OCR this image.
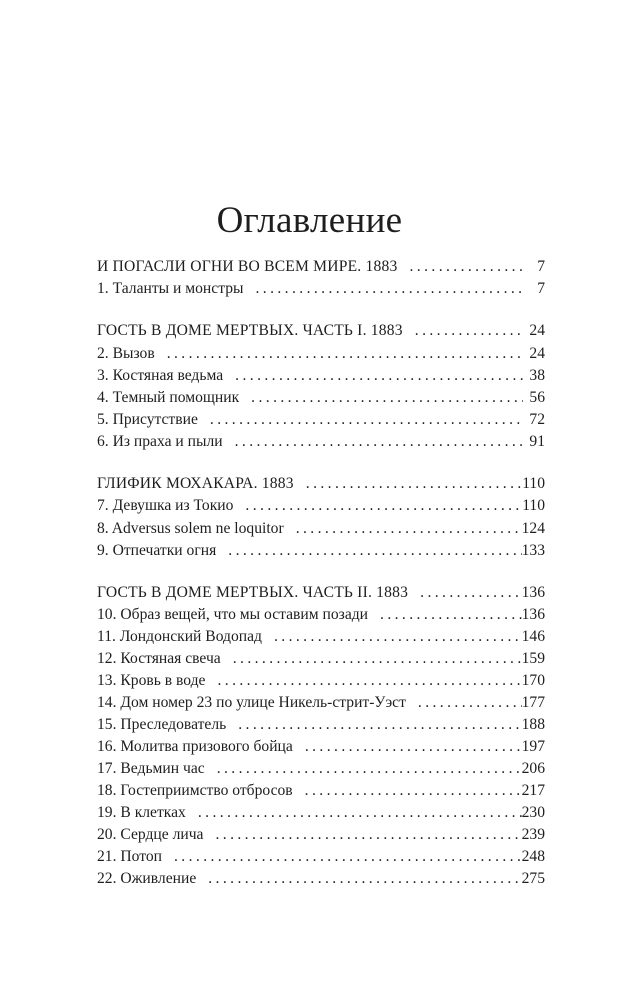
Оглавление
И ПОГАСЛИ ОГНИ ВО ВСЕМ МИРЕ. 1883 . . .	7
1. Таланты и монстры . . .	7
ГОСТЬ В ДОМЕ МЕРТВЫХ. ЧАСТЬ I. 1883 . . .	24
2. Вызов . . .	24
3. Костяная ведьма . . .	38
4. Темный помощник . . .	56
5. Присутствие . . .	72
6. Из праха и пыли . . .	91
ГЛИФИК МОХАКАРА. 1883 . . .	110
7. Девушка из Токио . . .	110
8. Adversus solem ne loquitor . . .	124
9. Отпечатки огня . . .	133
ГОСТЬ В ДОМЕ МЕРТВЫХ. ЧАСТЬ II. 1883 . . .	136
10. Образ вещей, что мы оставим позади . . .	136
11. Лондонский Водопад . . .	146
12. Костяная свеча . . .	159
13. Кровь в воде . . .	170
14. Дом номер 23 по улице Никель-стрит-Уэст . . .	177
15. Преследователь . . .	188
16. Молитва призового бойца . . .	197
17. Ведьмин час . . .	206
18. Гостеприимство отбросов . . .	217
19. В клетках . . .	230
20. Сердце лича . . .	239
21. Потоп . . .	248
22. Оживление . . .	275
